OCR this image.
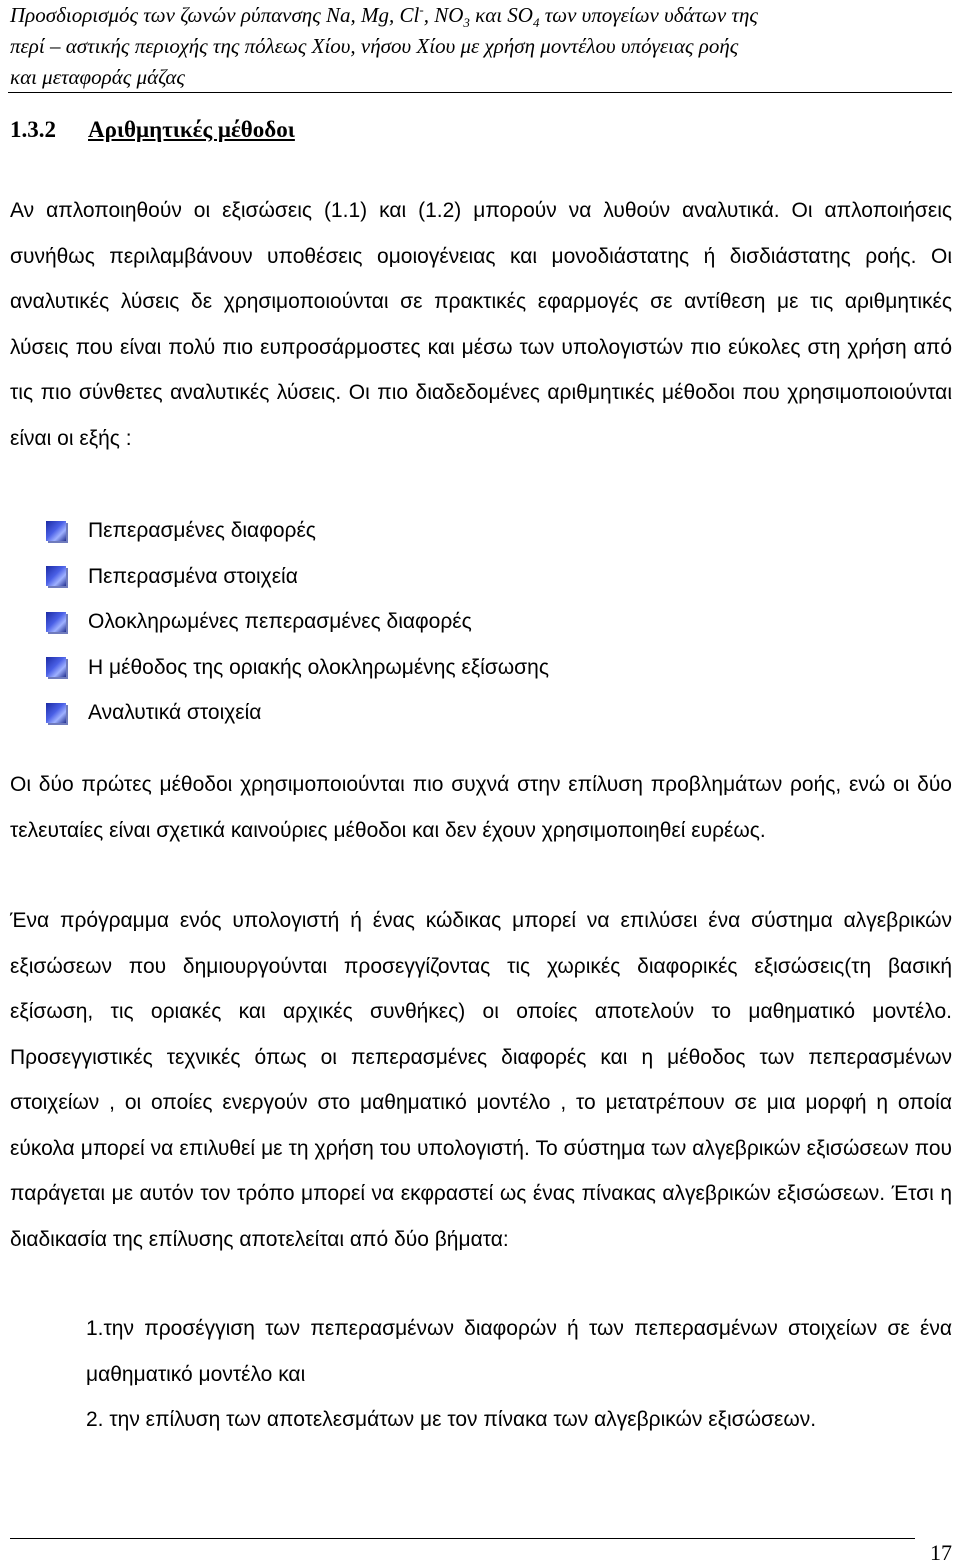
Προσδιορισμός των ζωνών ρύπανσης Na, Mg, Cl-, $NO_3$ και $SO_4$ των υπογείων υδάτων της
περί – αστικής περιοχής της πόλεως Χίου, νήσου Χίου με χρήση μοντέλου υπόγειας ροής
και μεταφοράς μάζας
1.3.2 Αριθμητικές μέθοδοι
Αν απλοποιηθούν οι εξισώσεις (1.1) και (1.2) μπορούν να λυθούν αναλυτικά. Οι απλοποιήσεις συνήθως περιλαμβάνουν υποθέσεις ομοιογένειας και μονοδιάστατης ή δισδιάστατης ροής. Οι αναλυτικές λύσεις δε χρησιμοποιούνται σε πρακτικές εφαρμογές σε αντίθεση με τις αριθμητικές λύσεις που είναι πολύ πιο ευπροσάρμοστες και μέσω των υπολογιστών πιο εύκολες στη χρήση από τις πιο σύνθετες αναλυτικές λύσεις. Οι πιο διαδεδομένες αριθμητικές μέθοδοι που χρησιμοποιούνται είναι οι εξής :
Πεπερασμένες διαφορές
Πεπερασμένα στοιχεία
Ολοκληρωμένες πεπερασμένες διαφορές
Η μέθοδος της οριακής ολοκληρωμένης εξίσωσης
Αναλυτικά στοιχεία
Οι δύο πρώτες μέθοδοι χρησιμοποιούνται πιο συχνά στην επίλυση προβλημάτων ροής, ενώ οι δύο τελευταίες είναι σχετικά καινούριες μέθοδοι και δεν έχουν χρησιμοποιηθεί ευρέως.
Ένα πρόγραμμα ενός υπολογιστή ή ένας κώδικας μπορεί να επιλύσει ένα σύστημα αλγεβρικών εξισώσεων που δημιουργούνται προσεγγίζοντας τις χωρικές διαφορικές εξισώσεις(τη βασική εξίσωση, τις οριακές και αρχικές συνθήκες) οι οποίες αποτελούν το μαθηματικό μοντέλο. Προσεγγιστικές τεχνικές όπως οι πεπερασμένες διαφορές και η μέθοδος των πεπερασμένων στοιχείων , οι οποίες ενεργούν στο μαθηματικό μοντέλο , το μετατρέπουν σε μια μορφή η οποία εύκολα μπορεί να επιλυθεί με τη χρήση του υπολογιστή. Το σύστημα των αλγεβρικών εξισώσεων που παράγεται με αυτόν τον τρόπο μπορεί να εκφραστεί ως ένας πίνακας αλγεβρικών εξισώσεων. Έτσι η διαδικασία της επίλυσης αποτελείται από δύο βήματα:
1.την προσέγγιση των πεπερασμένων διαφορών ή των πεπερασμένων στοιχείων σε ένα μαθηματικό μοντέλο και
2. την επίλυση των αποτελεσμάτων με τον πίνακα των αλγεβρικών εξισώσεων.
17
